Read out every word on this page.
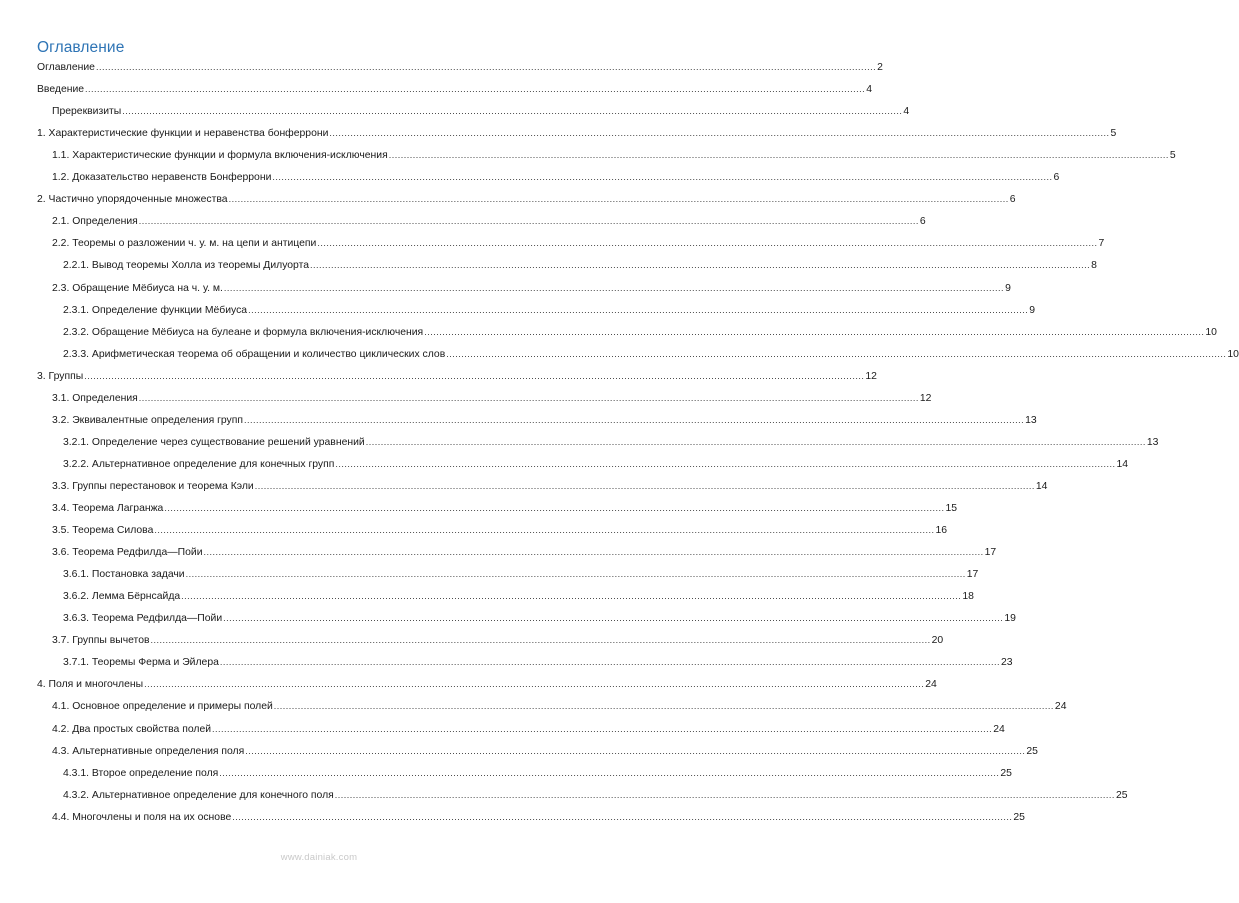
Оглавление
Оглавление .................................................................................................................................................................................................................................................................... 2
Введение .................................................................................................................................................................................................................................................................... 4
Пререквизиты .................................................................................................................................................................................................................................................................... 4
1. Характеристические функции и неравенства бонферрони .................................................................................................................................................................................................................................................................... 5
1.1. Характеристические функции и формула включения-исключения .................................................................................................................................................................................................................................................................... 5
1.2. Доказательство неравенств Бонферрони .................................................................................................................................................................................................................................................................... 6
2. Частично упорядоченные множества .................................................................................................................................................................................................................................................................... 6
2.1. Определения .................................................................................................................................................................................................................................................................... 6
2.2. Теоремы о разложении ч. у. м. на цепи и антицепи .................................................................................................................................................................................................................................................................... 7
2.2.1. Вывод теоремы Холла из теоремы Дилуорта .................................................................................................................................................................................................................................................................... 8
2.3. Обращение Мёбиуса на ч. у. м. .................................................................................................................................................................................................................................................................... 9
2.3.1. Определение функции Мёбиуса .................................................................................................................................................................................................................................................................... 9
2.3.2. Обращение Мёбиуса на булеане и формула включения-исключения .................................................................................................................................................................................................................................................................... 10
2.3.3. Арифметическая теорема об обращении и количество циклических слов .................................................................................................................................................................................................................................................................... 10
3. Группы .................................................................................................................................................................................................................................................................... 12
3.1. Определения .................................................................................................................................................................................................................................................................... 12
3.2. Эквивалентные определения групп .................................................................................................................................................................................................................................................................... 13
3.2.1. Определение через существование решений уравнений .................................................................................................................................................................................................................................................................... 13
3.2.2. Альтернативное определение для конечных групп .................................................................................................................................................................................................................................................................... 14
3.3. Группы перестановок и теорема Кэли .................................................................................................................................................................................................................................................................... 14
3.4. Теорема Лагранжа .................................................................................................................................................................................................................................................................... 15
3.5. Теорема Силова .................................................................................................................................................................................................................................................................... 16
3.6. Теорема Редфилда—Пойи .................................................................................................................................................................................................................................................................... 17
3.6.1. Постановка задачи .................................................................................................................................................................................................................................................................... 17
3.6.2. Лемма Бёрнсайда .................................................................................................................................................................................................................................................................... 18
3.6.3. Теорема Редфилда—Пойи .................................................................................................................................................................................................................................................................... 19
3.7. Группы вычетов .................................................................................................................................................................................................................................................................... 20
3.7.1. Теоремы Ферма и Эйлера .................................................................................................................................................................................................................................................................... 23
4. Поля и многочлены .................................................................................................................................................................................................................................................................... 24
4.1. Основное определение и примеры полей .................................................................................................................................................................................................................................................................... 24
4.2. Два простых свойства полей .................................................................................................................................................................................................................................................................... 24
4.3. Альтернативные определения поля .................................................................................................................................................................................................................................................................... 25
4.3.1. Второе определение поля .................................................................................................................................................................................................................................................................... 25
4.3.2. Альтернативное определение для конечного поля .................................................................................................................................................................................................................................................................... 25
4.4. Многочлены и поля на их основе .................................................................................................................................................................................................................................................................... 25
www.dainiak.com
